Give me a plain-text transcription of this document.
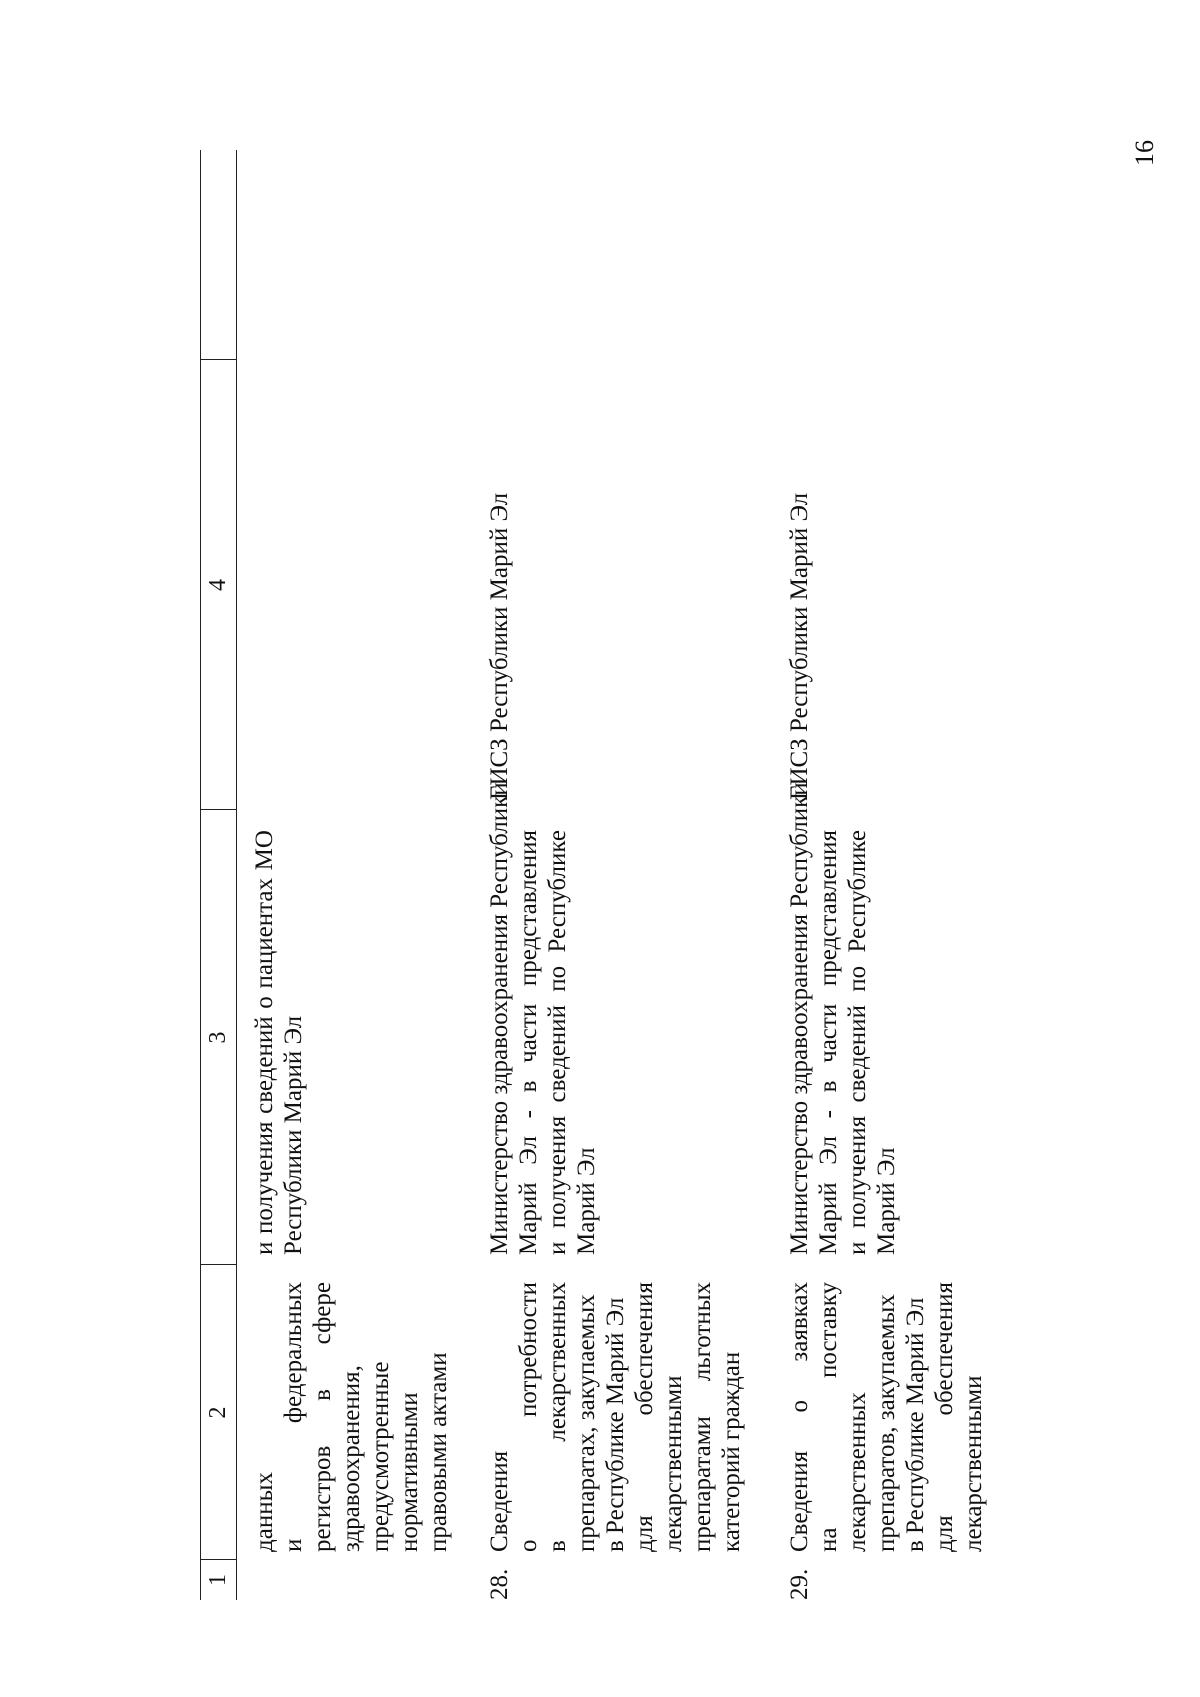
16
1
2
3
4
данных и
федеральных
регистров
в
сфере
здравоохранения, предусмотренные нормативными правовыми актами
и
получения
сведений
о
пациентах
МО
Республики Марий Эл
28.
Сведения о
потребности
в
лекарственных препаратах, закупаемых в Республике Марий Эл для
обеспечения
лекарственными препаратами
льготных
категорий граждан
Министерство здравоохранения Республики Марий
Эл
-
в
части
представления
и
получения
сведений
по
Республике
Марий Эл
ГИСЗ Республики Марий Эл
29.
Сведения
о
заявках
на
поставку
лекарственных препаратов, закупаемых в Республике Марий Эл для
обеспечения
лекарственными
Министерство здравоохранения Республики Марий
Эл
-
в
части
представления
и
получения
сведений
по
Республике
Марий Эл
ГИСЗ Республики Марий Эл
